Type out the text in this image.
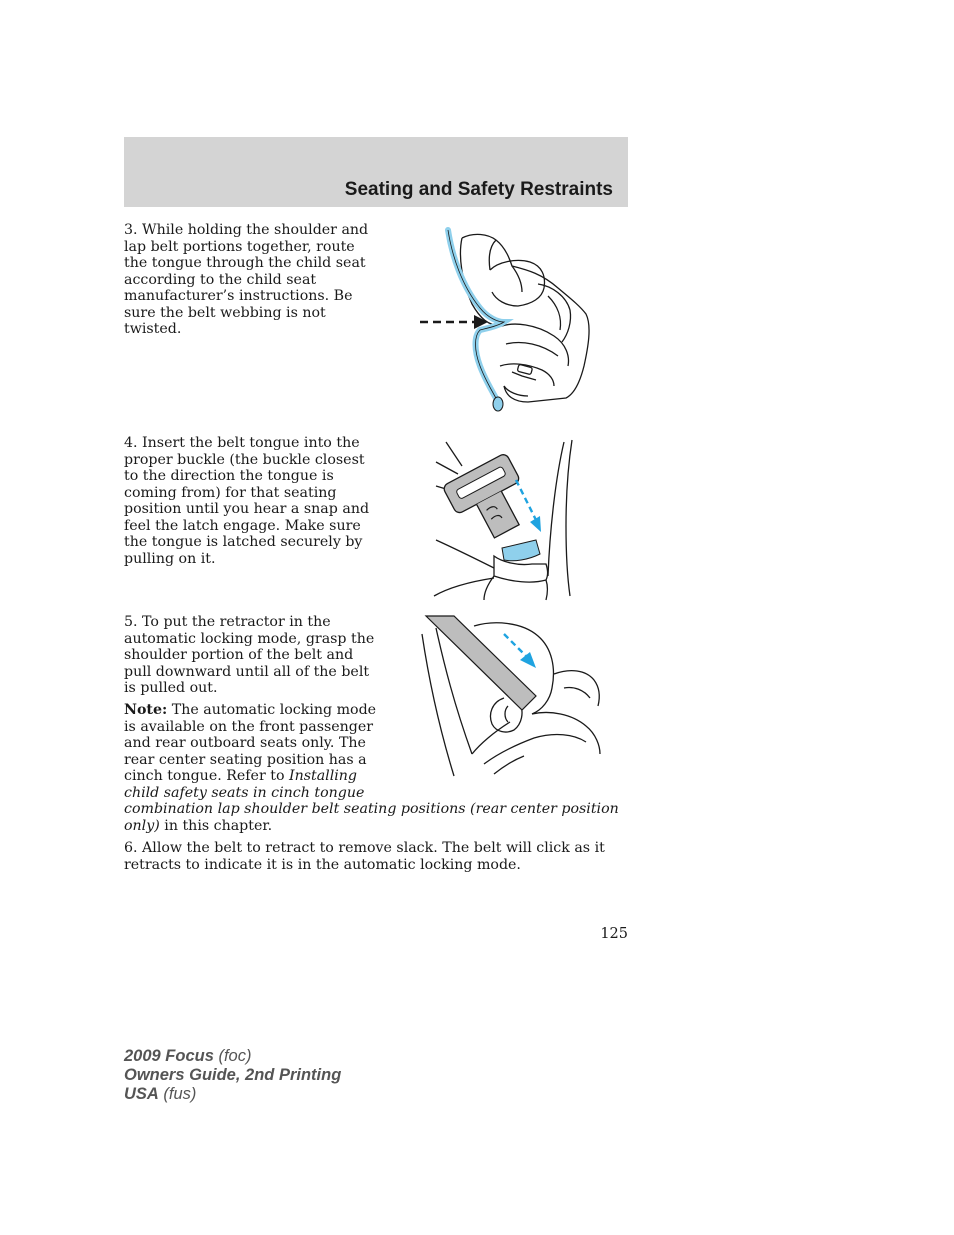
Seating and Safety Restraints

3. While holding the shoulder and lap belt portions together, route the tongue through the child seat according to the child seat manufacturer’s instructions. Be sure the belt webbing is not twisted.

4. Insert the belt tongue into the proper buckle (the buckle closest to the direction the tongue is coming from) for that seating position until you hear a snap and feel the latch engage. Make sure the tongue is latched securely by pulling on it.

5. To put the retractor in the automatic locking mode, grasp the shoulder portion of the belt and pull downward until all of the belt is pulled out.

Note: The automatic locking mode
is available on the front passenger
and rear outboard seats only. The
rear center seating position has a
cinch tongue. Refer to Installing
child safety seats in cinch tongue
combination lap shoulder belt seating positions (rear center position
only) in this chapter.

6. Allow the belt to retract to remove slack. The belt will click as it retracts to indicate it is in the automatic locking mode.

125
2009 Focus (foc)
Owners Guide, 2nd Printing
USA (fus)
